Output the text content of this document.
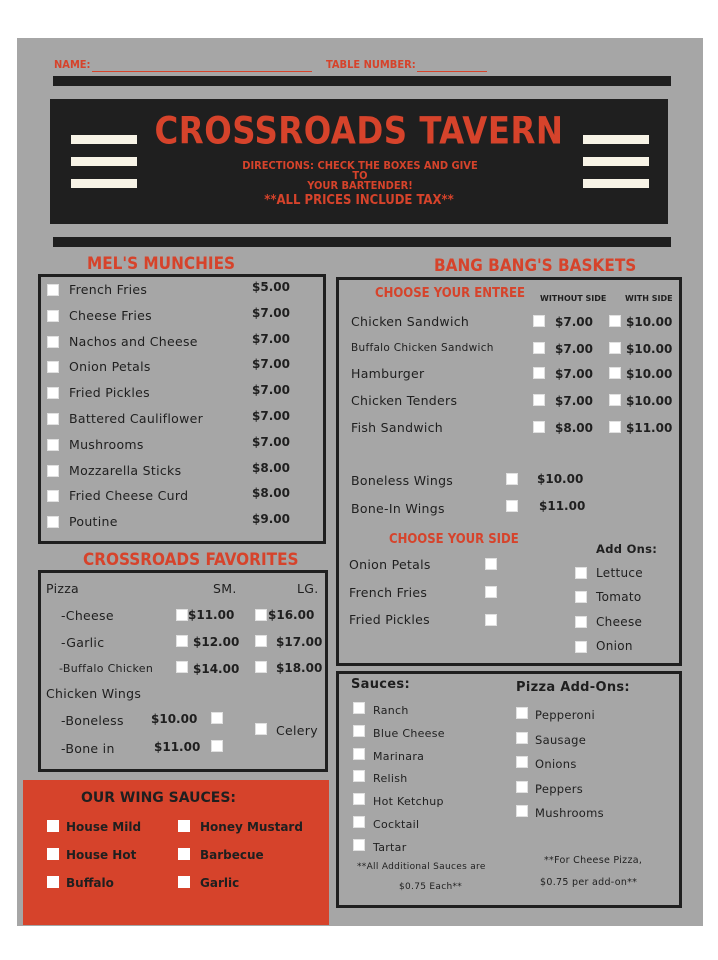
NAME:	TABLE NUMBER:
CROSSROADS TAVERN
DIRECTIONS: CHECK THE BOXES AND GIVE TO
YOUR BARTENDER!
**ALL PRICES INCLUDE TAX**
MEL'S MUNCHIES
French Fries	$5.00
Cheese Fries	$7.00
Nachos and Cheese	$7.00
Onion Petals	$7.00
Fried Pickles	$7.00
Battered Cauliflower	$7.00
Mushrooms	$7.00
Mozzarella Sticks	$8.00
Fried Cheese Curd	$8.00
Poutine	$9.00
CROSSROADS FAVORITES
Pizza	SM.	LG.
-Cheese	$11.00	$16.00
-Garlic	$12.00	$17.00
-Buffalo Chicken	$14.00	$18.00
Chicken Wings
-Boneless $10.00
Celery
-Bone in	$11.00
OUR WING SAUCES:
House Mild
House Hot
Buffalo
Honey Mustard
Barbecue
Garlic
BANG BANG'S BASKETS
CHOOSE YOUR ENTREE WITHOUT SIDE WITH SIDE
Chicken Sandwich	$7.00	$10.00
Buffalo Chicken Sandwich	$7.00	$10.00
Hamburger	$7.00	$10.00
Chicken Tenders	$7.00	$10.00
Fish Sandwich	$8.00	$11.00
Boneless Wings	$10.00
Bone-In Wings	$11.00
CHOOSE YOUR SIDE
Onion Petals
French Fries
Fried Pickles
Add Ons:
Lettuce
Tomato
Cheese
Onion
Sauces:
Ranch
Blue Cheese
Marinara
Relish
Hot Ketchup
Cocktail
Tartar
**All Additional Sauces are
$0.75 Each**
Pizza Add-Ons:
Pepperoni
Sausage
Onions
Peppers
Mushrooms
**For Cheese Pizza,
$0.75 per add-on**
